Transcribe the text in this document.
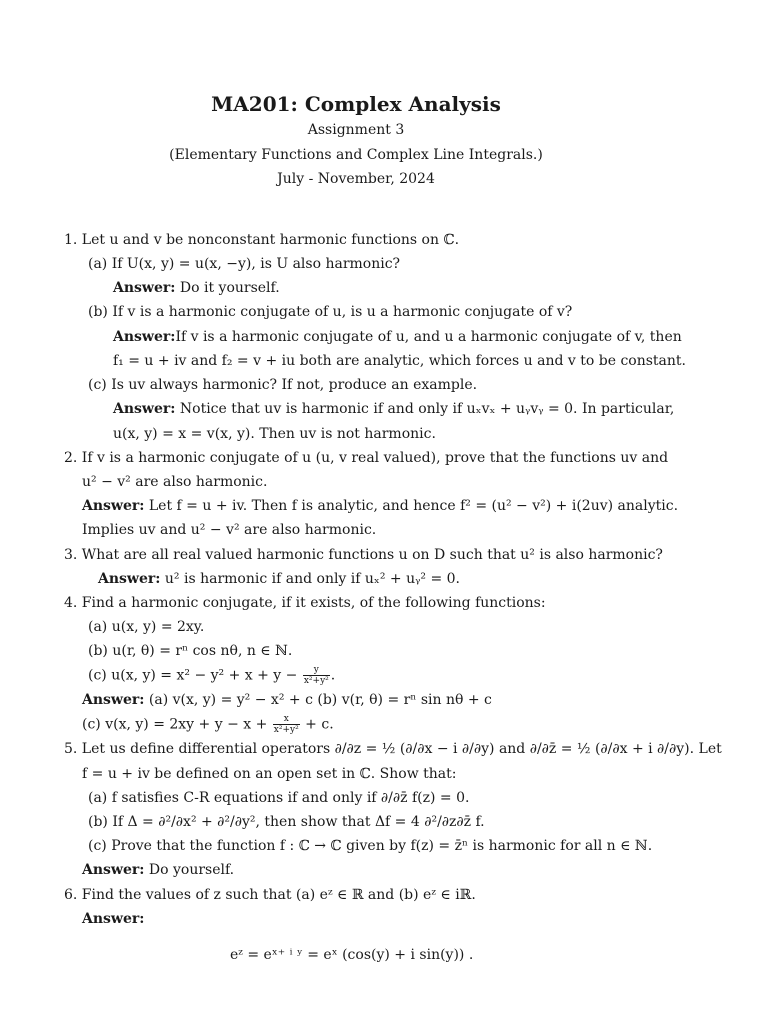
MA201: Complex Analysis
Assignment 3
(Elementary Functions and Complex Line Integrals.)
July - November, 2024
1. Let u and v be nonconstant harmonic functions on ℂ.
(a) If U(x, y) = u(x, −y), is U also harmonic?
Answer: Do it yourself.
(b) If v is a harmonic conjugate of u, is u a harmonic conjugate of v?
Answer:If v is a harmonic conjugate of u, and u a harmonic conjugate of v, then
f₁ = u + iv and f₂ = v + iu both are analytic, which forces u and v to be constant.
(c) Is uv always harmonic? If not, produce an example.
Answer: Notice that uv is harmonic if and only if uₓvₓ + uᵧvᵧ = 0. In particular,
u(x, y) = x = v(x, y). Then uv is not harmonic.
2. If v is a harmonic conjugate of u (u, v real valued), prove that the functions uv and
u² − v² are also harmonic.
Answer: Let f = u + iv. Then f is analytic, and hence f² = (u² − v²) + i(2uv) analytic.
Implies uv and u² − v² are also harmonic.
3. What are all real valued harmonic functions u on D such that u² is also harmonic?
Answer: u² is harmonic if and only if uₓ² + uᵧ² = 0.
4. Find a harmonic conjugate, if it exists, of the following functions:
(a) u(x, y) = 2xy.
(b) u(r, θ) = rⁿ cos nθ, n ∈ ℕ.
(c) u(x, $y) = x^2 - y^2 + x + y - \frac{y}{\text{x²+y²}}$ .
Answer: (a) v(x, y) = y² − x² + c (b) v(r, θ) = rⁿ sin nθ + c
(c) v(x, $y) = 2xy + y - x + \frac{x}{\text{x²+y²}} + c$.
5. Let us define differential operators ∂/∂z = ½ (∂/∂x − i ∂/∂y) and ∂/∂z̄ = ½ (∂/∂x + i ∂/∂y). Let
f = u + iv be defined on an open set in ℂ. Show that:
(a) f satisfies C-R equations if and only if ∂/∂z̄ f(z) = 0.
(b) If Δ = ∂²/∂x² + ∂²/∂y², then show that Δf = 4 ∂²/∂z∂z̄ f.
(c) Prove that the function f : ℂ → ℂ given by f(z) = z̄ⁿ is harmonic for all n ∈ ℕ.
Answer: Do yourself.
6. Find the values of z such that (a) eᶻ ∈ ℝ and (b) eᶻ ∈ iℝ.
Answer:
eᶻ = eˣ⁺ ⁱ ʸ = eˣ (cos(y) + i sin(y)) .
